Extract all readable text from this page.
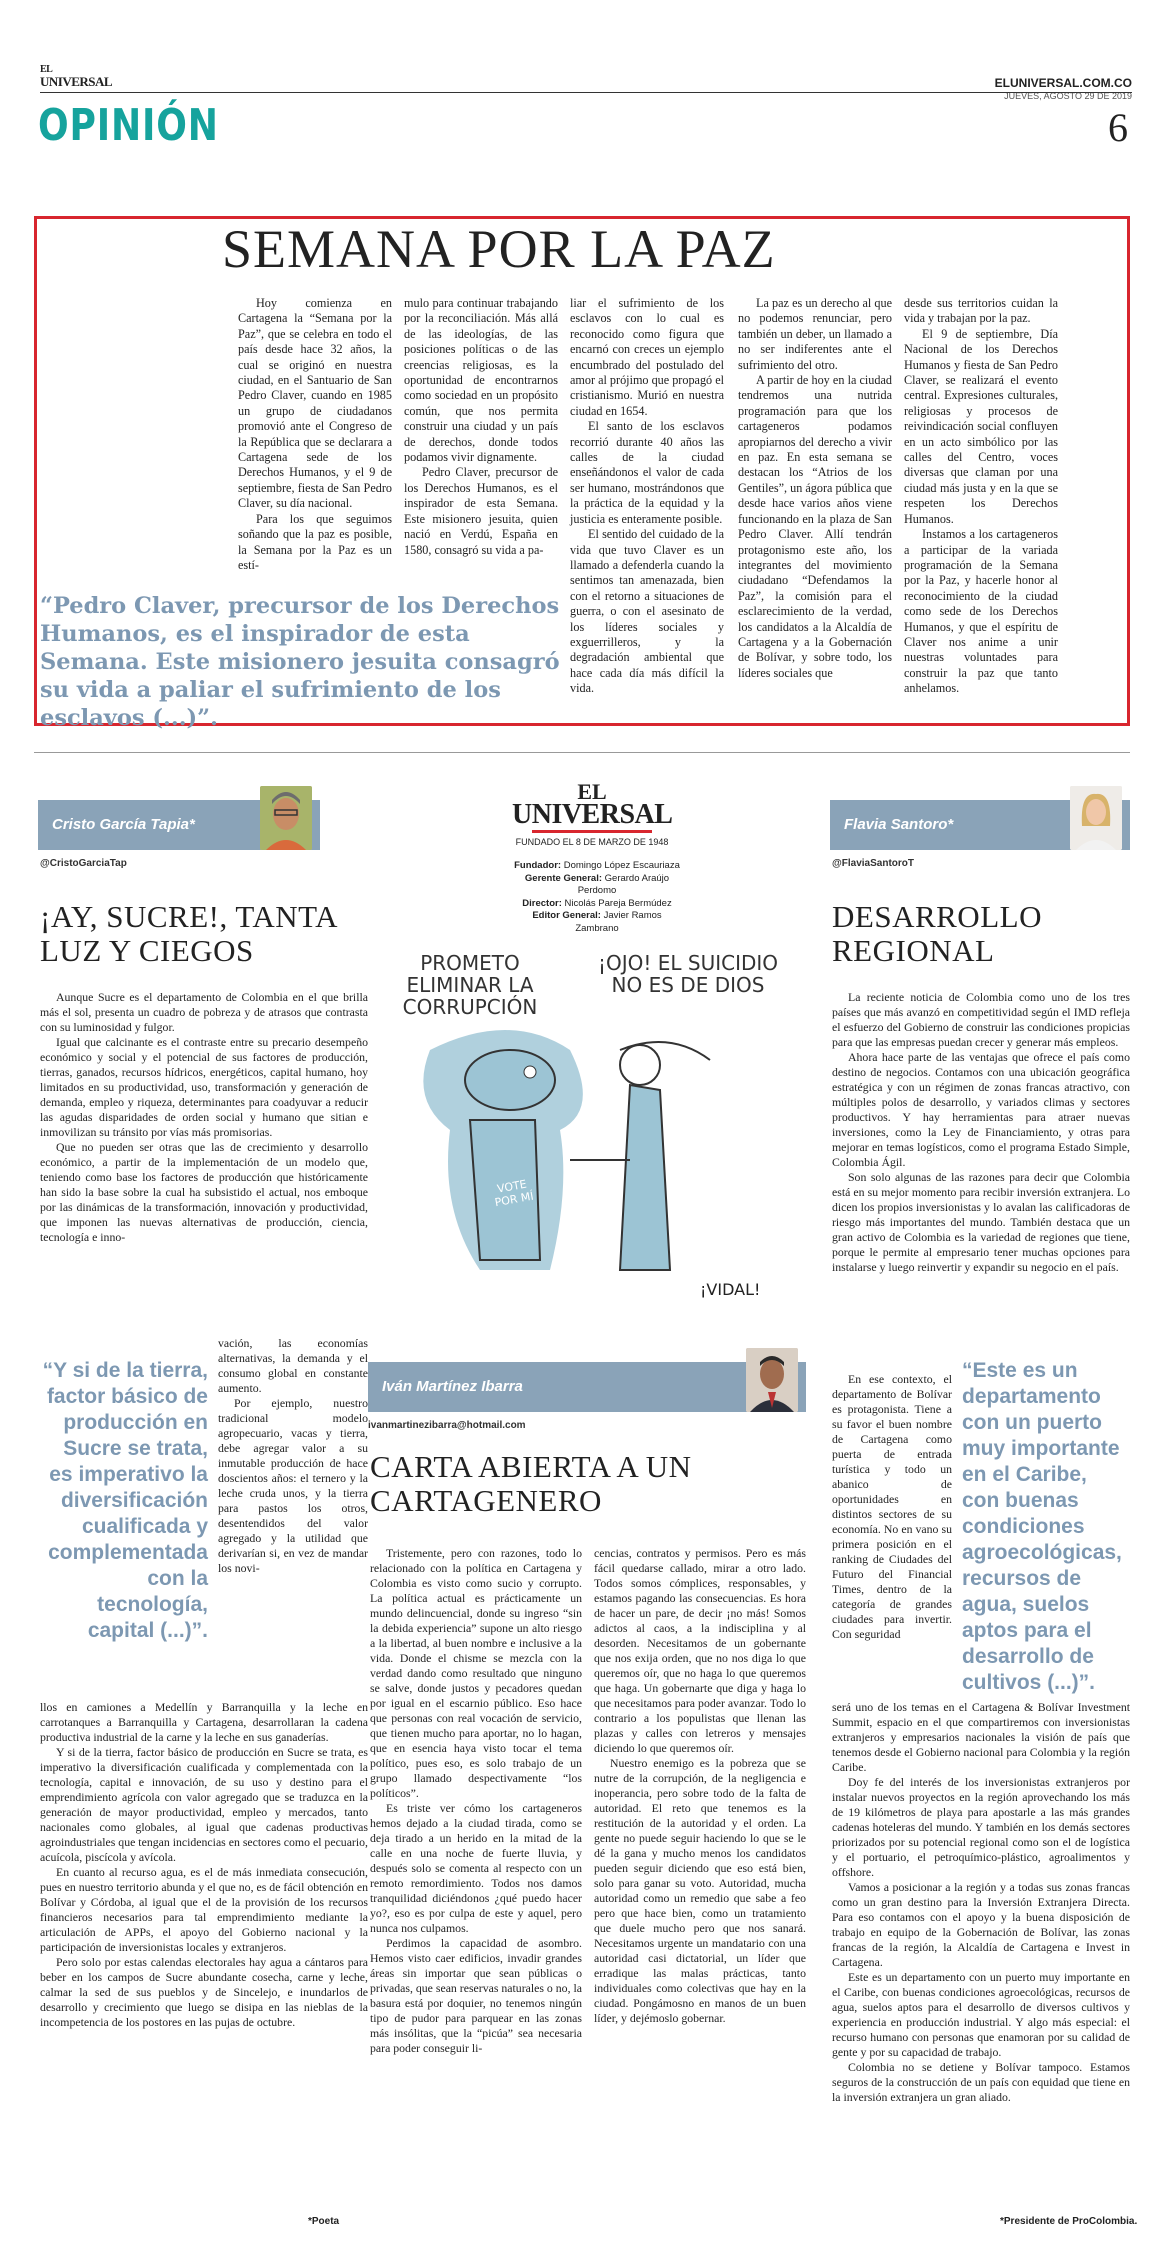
EL
UNIVERSAL	ELUNIVERSAL.COM.CO
JUEVES, AGOSTO 29 DE 2019
OPINIÓN	6
SEMANA POR LA PAZ

Hoy comienza en Cartagena la “Semana por la Paz”, que se celebra en todo el país desde hace 32 años, la cual se originó en nuestra ciudad, en el Santuario de San Pedro Claver, cuando en 1985 un grupo de ciudadanos promovió ante el Congreso de la República que se declarara a Cartagena sede de los Derechos Humanos, y el 9 de septiembre, fiesta de San Pedro Claver, su día nacional.

Para los que seguimos soñando que la paz es posible, la Semana por la Paz es un estí-

mulo para continuar trabajando por la reconciliación. Más allá de las ideologías, de las posiciones políticas o de las creencias religiosas, es la oportunidad de encontrarnos como sociedad en un propósito común, que nos permita construir una ciudad y un país de derechos, donde todos podamos vivir dignamente.

Pedro Claver, precursor de los Derechos Humanos, es el inspirador de esta Semana. Este misionero jesuita, quien nació en Verdú, España en 1580, consagró su vida a pa-

liar el sufrimiento de los esclavos con lo cual es reconocido como figura que encarnó con creces un ejemplo encumbrado del postulado del amor al prójimo que propagó el cristianismo. Murió en nuestra ciudad en 1654.

El santo de los esclavos recorrió durante 40 años las calles de la ciudad enseñándonos el valor de cada ser humano, mostrándonos que la práctica de la equidad y la justicia es enteramente posible.

El sentido del cuidado de la vida que tuvo Claver es un llamado a defenderla cuando la sentimos tan amenazada, bien con el retorno a situaciones de guerra, o con el asesinato de los líderes sociales y exguerrilleros, y la degradación ambiental que hace cada día más difícil la vida.

La paz es un derecho al que no podemos renunciar, pero también un deber, un llamado a no ser indiferentes ante el sufrimiento del otro.

A partir de hoy en la ciudad tendremos una nutrida programación para que los cartageneros podamos apropiarnos del derecho a vivir en paz. En esta semana se destacan los “Atrios de los Gentiles”, un ágora pública que desde hace varios años viene funcionando en la plaza de San Pedro Claver. Allí tendrán protagonismo este año, los integrantes del movimiento ciudadano “Defendamos la Paz”, la comisión para el esclarecimiento de la verdad, los candidatos a la Alcaldía de Cartagena y a la Gobernación de Bolívar, y sobre todo, los líderes sociales que

desde sus territorios cuidan la vida y trabajan por la paz.

El 9 de septiembre, Día Nacional de los Derechos Humanos y fiesta de San Pedro Claver, se realizará el evento central. Expresiones culturales, religiosas y procesos de reivindicación social confluyen en un acto simbólico por las calles del Centro, voces diversas que claman por una ciudad más justa y en la que se respeten los Derechos Humanos.

Instamos a los cartageneros a participar de la variada programación de la Semana por la Paz, y hacerle honor al reconocimiento de la ciudad como sede de los Derechos Humanos, y que el espíritu de Claver nos anime a unir nuestras voluntades para construir la paz que tanto anhelamos.

“Pedro Claver, precursor de los Derechos Humanos, es el inspirador de esta Semana. Este misionero jesuita consagró su vida a paliar el sufrimiento de los esclavos (...)”.
Cristo García Tapia*
@CristoGarciaTap
¡AY, SUCRE!, TANTA LUZ Y CIEGOS

Aunque Sucre es el departamento de Colombia en el que brilla más el sol, presenta un cuadro de pobreza y de atrasos que contrasta con su luminosidad y fulgor.

Igual que calcinante es el contraste entre su precario desempeño económico y social y el potencial de sus factores de producción, tierras, ganados, recursos hídricos, energéticos, capital humano, hoy limitados en su productividad, uso, transformación y generación de demanda, empleo y riqueza, determinantes para coadyuvar a reducir las agudas disparidades de orden social y humano que sitian e inmovilizan su tránsito por vías más promisorias.

Que no pueden ser otras que las de crecimiento y desarrollo económico, a partir de la implementación de un modelo que, teniendo como base los factores de producción que históricamente han sido la base sobre la cual ha subsistido el actual, nos emboque por las dinámicas de la transformación, innovación y productividad, que imponen las nuevas alternativas de producción, ciencia, tecnología e inno-

“Y si de la tierra, factor básico de producción en Sucre se trata, es imperativo la diversificación cualificada y complementada con la tecnología, capital (...)”.

vación, las economías alternativas, la demanda y el consumo global en constante aumento.

Por ejemplo, nuestro tradicional modelo agropecuario, vacas y tierra, debe agregar valor a su inmutable producción de hace doscientos años: el ternero y la leche cruda unos, y la tierra para pastos los otros, desentendidos del valor agregado y la utilidad que derivarían si, en vez de mandar los novi-

llos en camiones a Medellín y Barranquilla y la leche en carrotanques a Barranquilla y Cartagena, desarrollaran la cadena productiva industrial de la carne y la leche en sus ganaderías.

Y si de la tierra, factor básico de producción en Sucre se trata, es imperativo la diversificación cualificada y complementada con la tecnología, capital e innovación, de su uso y destino para el emprendimiento agrícola con valor agregado que se traduzca en la generación de mayor productividad, empleo y mercados, tanto nacionales como globales, al igual que cadenas productivas agroindustriales que tengan incidencias en sectores como el pecuario, acuícola, piscícola y avícola.

En cuanto al recurso agua, es el de más inmediata consecución, pues en nuestro territorio abunda y el que no, es de fácil obtención en Bolívar y Córdoba, al igual que el de la provisión de los recursos financieros necesarios para tal emprendimiento mediante la articulación de APPs, el apoyo del Gobierno nacional y la participación de inversionistas locales y extranjeros.

Pero solo por estas calendas electorales hay agua a cántaros para beber en los campos de Sucre abundante cosecha, carne y leche, calmar la sed de sus pueblos y de Sincelejo, e inundarlos de desarrollo y crecimiento que luego se disipa en las nieblas de la incompetencia de los postores en las pujas de octubre.

*Poeta
EL
UNIVERSAL
FUNDADO EL 8 DE MARZO DE 1948
Fundador: Domingo López Escauriaza
Gerente General: Gerardo Araújo Perdomo
Director: Nicolás Pareja Bermúdez
Editor General: Javier Ramos Zambrano
PROMETO ELIMINAR LA CORRUPCIÓN
¡OJO! EL SUICIDIO NO ES DE DIOS
VOTE POR MÍ
¡VIDAL!
Iván Martínez Ibarra
ivanmartinezibarra@hotmail.com
CARTA ABIERTA A UN CARTAGENERO

Tristemente, pero con razones, todo lo relacionado con la política en Cartagena y Colombia es visto como sucio y corrupto. La política actual es prácticamente un mundo delincuencial, donde su ingreso “sin la debida experiencia” supone un alto riesgo a la libertad, al buen nombre e inclusive a la vida. Donde el chisme se mezcla con la verdad dando como resultado que ninguno se salve, donde justos y pecadores quedan por igual en el escarnio público. Eso hace que personas con real vocación de servicio, que tienen mucho para aportar, no lo hagan, que en esencia haya visto tocar el tema político, pues eso, es solo trabajo de un grupo llamado despectivamente “los políticos”.

Es triste ver cómo los cartageneros hemos dejado a la ciudad tirada, como se deja tirado a un herido en la mitad de la calle en una noche de fuerte lluvia, y después solo se comenta al respecto con un remoto remordimiento. Todos nos damos tranquilidad diciéndonos ¿qué puedo hacer yo?, eso es por culpa de este y aquel, pero nunca nos culpamos.

Perdimos la capacidad de asombro. Hemos visto caer edificios, invadir grandes áreas sin importar que sean públicas o privadas, que sean reservas naturales o no, la basura está por doquier, no tenemos ningún tipo de pudor para parquear en las zonas más insólitas, que la “picúa” sea necesaria para poder conseguir li-

cencias, contratos y permisos. Pero es más fácil quedarse callado, mirar a otro lado. Todos somos cómplices, responsables, y estamos pagando las consecuencias. Es hora de hacer un pare, de decir ¡no más! Somos adictos al caos, a la indisciplina y al desorden. Necesitamos de un gobernante que nos exija orden, que no nos diga lo que queremos oír, que no haga lo que queremos que haga. Un gobernarte que diga y haga lo que necesitamos para poder avanzar. Todo lo contrario a los populistas que llenan las plazas y calles con letreros y mensajes diciendo lo que queremos oír.

Nuestro enemigo es la pobreza que se nutre de la corrupción, de la negligencia e inoperancia, pero sobre todo de la falta de autoridad. El reto que tenemos es la restitución de la autoridad y el orden. La gente no puede seguir haciendo lo que se le dé la gana y mucho menos los candidatos pueden seguir diciendo que eso está bien, solo para ganar su voto. Autoridad, mucha autoridad como un remedio que sabe a feo pero que hace bien, como un tratamiento que duele mucho pero que nos sanará. Necesitamos urgente un mandatario con una autoridad casi dictatorial, un líder que erradique las malas prácticas, tanto individuales como colectivas que hay en la ciudad. Pongámosno en manos de un buen líder, y dejémoslo gobernar.

Flavia Santoro*
@FlaviaSantoroT
DESARROLLO REGIONAL

La reciente noticia de Colombia como uno de los tres países que más avanzó en competitividad según el IMD refleja el esfuerzo del Gobierno de construir las condiciones propicias para que las empresas puedan crecer y generar más empleos.

Ahora hace parte de las ventajas que ofrece el país como destino de negocios. Contamos con una ubicación geográfica estratégica y con un régimen de zonas francas atractivo, con múltiples polos de desarrollo, y variados climas y sectores productivos. Y hay herramientas para atraer nuevas inversiones, como la Ley de Financiamiento, y otras para mejorar en temas logísticos, como el programa Estado Simple, Colombia Ágil.

Son solo algunas de las razones para decir que Colombia está en su mejor momento para recibir inversión extranjera. Lo dicen los propios inversionistas y lo avalan las calificadoras de riesgo más importantes del mundo. También destaca que un gran activo de Colombia es la variedad de regiones que tiene, porque le permite al empresario tener muchas opciones para instalarse y luego reinvertir y expandir su negocio en el país.

En ese contexto, el departamento de Bolívar es protagonista. Tiene a su favor el buen nombre de Cartagena como puerta de entrada turística y todo un abanico de oportunidades en distintos sectores de su economía. No en vano su primera posición en el ranking de Ciudades del Futuro del Financial Times, dentro de la categoría de grandes ciudades para invertir. Con seguridad

“Este es un departamento con un puerto muy importante en el Caribe, con buenas condiciones agroecológicas, recursos de agua, suelos aptos para el desarrollo de cultivos (...)”.

será uno de los temas en el Cartagena & Bolívar Investment Summit, espacio en el que compartiremos con inversionistas extranjeros y empresarios nacionales la visión de país que tenemos desde el Gobierno nacional para Colombia y la región Caribe.

Doy fe del interés de los inversionistas extranjeros por instalar nuevos proyectos en la región aprovechando los más de 19 kilómetros de playa para apostarle a las más grandes cadenas hoteleras del mundo. Y también en los demás sectores priorizados por su potencial regional como son el de logística y el portuario, el petroquímico-plástico, agroalimentos y offshore.

Vamos a posicionar a la región y a todas sus zonas francas como un gran destino para la Inversión Extranjera Directa. Para eso contamos con el apoyo y la buena disposición de trabajo en equipo de la Gobernación de Bolívar, las zonas francas de la región, la Alcaldía de Cartagena e Invest in Cartagena.

Este es un departamento con un puerto muy importante en el Caribe, con buenas condiciones agroecológicas, recursos de agua, suelos aptos para el desarrollo de diversos cultivos y experiencia en producción industrial. Y algo más especial: el recurso humano con personas que enamoran por su calidad de gente y por su capacidad de trabajo.

Colombia no se detiene y Bolívar tampoco. Estamos seguros de la construcción de un país con equidad que tiene en la inversión extranjera un gran aliado.

*Presidente de ProColombia.
